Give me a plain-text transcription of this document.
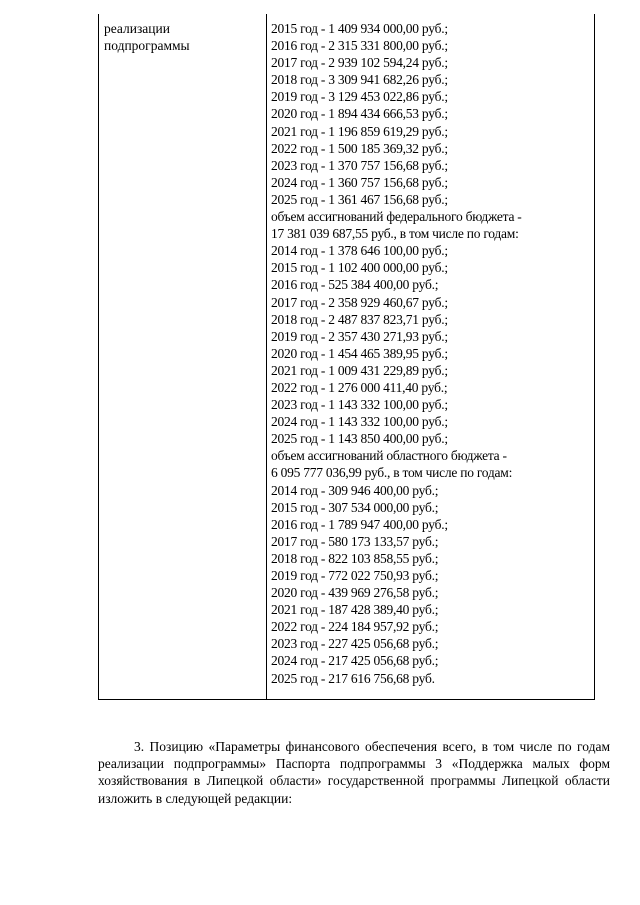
реализации
подпрограммы
2015 год - 1 409 934 000,00 руб.;
2016 год - 2 315 331 800,00 руб.;
2017 год - 2 939 102 594,24 руб.;
2018 год - 3 309 941 682,26 руб.;
2019 год - 3 129 453 022,86 руб.;
2020 год - 1 894 434 666,53 руб.;
2021 год - 1 196 859 619,29 руб.;
2022 год - 1 500 185 369,32 руб.;
2023 год - 1 370 757 156,68 руб.;
2024 год - 1 360 757 156,68 руб.;
2025 год - 1 361 467 156,68 руб.;
объем ассигнований федерального бюджета -
17 381 039 687,55 руб., в том числе по годам:
2014 год - 1 378 646 100,00 руб.;
2015 год - 1 102 400 000,00 руб.;
2016 год - 525 384 400,00 руб.;
2017 год - 2 358 929 460,67 руб.;
2018 год - 2 487 837 823,71 руб.;
2019 год - 2 357 430 271,93 руб.;
2020 год - 1 454 465 389,95 руб.;
2021 год - 1 009 431 229,89 руб.;
2022 год - 1 276 000 411,40 руб.;
2023 год - 1 143 332 100,00 руб.;
2024 год - 1 143 332 100,00 руб.;
2025 год - 1 143 850 400,00 руб.;
объем ассигнований областного бюджета -
6 095 777 036,99 руб., в том числе по годам:
2014 год - 309 946 400,00 руб.;
2015 год - 307 534 000,00 руб.;
2016 год - 1 789 947 400,00 руб.;
2017 год - 580 173 133,57 руб.;
2018 год - 822 103 858,55 руб.;
2019 год - 772 022 750,93 руб.;
2020 год - 439 969 276,58 руб.;
2021 год - 187 428 389,40 руб.;
2022 год - 224 184 957,92 руб.;
2023 год - 227 425 056,68 руб.;
2024 год - 217 425 056,68 руб.;
2025 год - 217 616 756,68 руб.
3. Позицию «Параметры финансового обеспечения всего, в том числе по годам реализации подпрограммы» Паспорта подпрограммы 3 «Поддержка малых форм хозяйствования в Липецкой области» государственной программы Липецкой области изложить в следующей редакции:
